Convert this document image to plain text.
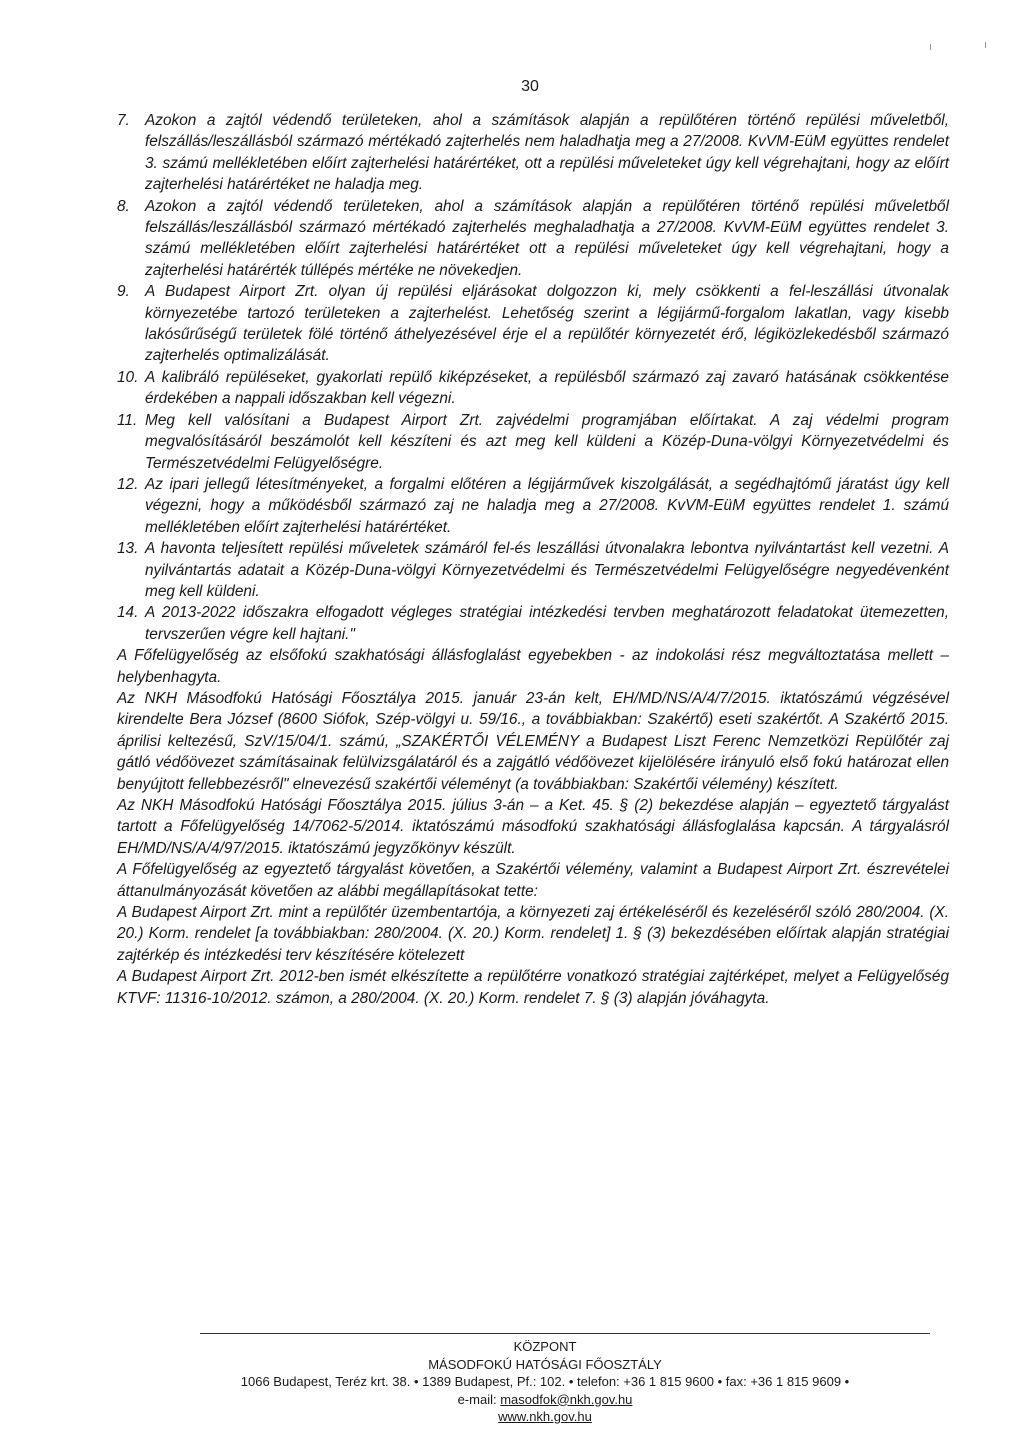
30
7. Azokon a zajtól védendő területeken, ahol a számítások alapján a repülőtéren történő repülési műveletből, felszállás/leszállásból származó mértékadó zajterhelés nem haladhatja meg a 27/2008. KvVM-EüM együttes rendelet 3. számú mellékletében előírt zajterhelési határértéket, ott a repülési műveleteket úgy kell végrehajtani, hogy az előírt zajterhelési határértéket ne haladja meg.
8. Azokon a zajtól védendő területeken, ahol a számítások alapján a repülőtéren történő repülési műveletből felszállás/leszállásból származó mértékadó zajterhelés meghaladhatja a 27/2008. KvVM-EüM együttes rendelet 3. számú mellékletében előírt zajterhelési határértéket ott a repülési műveleteket úgy kell végrehajtani, hogy a zajterhelési határérték túllépés mértéke ne növekedjen.
9. A Budapest Airport Zrt. olyan új repülési eljárásokat dolgozzon ki, mely csökkenti a fel-leszállási útvonalak környezetébe tartozó területeken a zajterhelést. Lehetőség szerint a légijármű-forgalom lakatlan, vagy kisebb lakósűrűségű területek fölé történő áthelyezésével érje el a repülőtér környezetét érő, légiközlekedésből származó zajterhelés optimalizálását.
10. A kalibráló repüléseket, gyakorlati repülő kiképzéseket, a repülésből származó zaj zavaró hatásának csökkentése érdekében a nappali időszakban kell végezni.
11. Meg kell valósítani a Budapest Airport Zrt. zajvédelmi programjában előírtakat. A zaj védelmi program megvalósításáról beszámolót kell készíteni és azt meg kell küldeni a Közép-Duna-völgyi Környezetvédelmi és Természetvédelmi Felügyelőségre.
12. Az ipari jellegű létesítményeket, a forgalmi előtéren a légijárművek kiszolgálását, a segédhajtómű járatást úgy kell végezni, hogy a működésből származó zaj ne haladja meg a 27/2008. KvVM-EüM együttes rendelet 1. számú mellékletében előírt zajterhelési határértéket.
13. A havonta teljesített repülési műveletek számáról fel-és leszállási útvonalakra lebontva nyilvántartást kell vezetni. A nyilvántartás adatait a Közép-Duna-völgyi Környezetvédelmi és Természetvédelmi Felügyelőségre negyedévenként meg kell küldeni.
14. A 2013-2022 időszakra elfogadott végleges stratégiai intézkedési tervben meghatározott feladatokat ütemezetten, tervszerűen végre kell hajtani."

A Főfelügyelőség az elsőfokú szakhatósági állásfoglalást egyebekben - az indokolási rész megváltoztatása mellett – helybenhagyta.

Az NKH Másodfokú Hatósági Főosztálya 2015. január 23-án kelt, EH/MD/NS/A/4/7/2015. iktatószámú végzésével kirendelte Bera József (8600 Siófok, Szép-völgyi u. 59/16., a továbbiakban: Szakértő) eseti szakértőt. A Szakértő 2015. áprilisi keltezésű, SzV/15/04/1. számú, „SZAKÉRTŐI VÉLEMÉNY a Budapest Liszt Ferenc Nemzetközi Repülőtér zaj gátló védőövezet számításainak felülvizsgálatáról és a zajgátló védőövezet kijelölésére irányuló első fokú határozat ellen benyújtott fellebbezésről" elnevezésű szakértői véleményt (a továbbiakban: Szakértői vélemény) készített.

Az NKH Másodfokú Hatósági Főosztálya 2015. július 3-án – a Ket. 45. § (2) bekezdése alapján – egyeztető tárgyalást tartott a Főfelügyelőség 14/7062-5/2014. iktatószámú másodfokú szakhatósági állásfoglalása kapcsán. A tárgyalásról EH/MD/NS/A/4/97/2015. iktatószámú jegyzőkönyv készült.

A Főfelügyelőség az egyeztető tárgyalást követően, a Szakértői vélemény, valamint a Budapest Airport Zrt. észrevételei áttanulmányozását követően az alábbi megállapításokat tette:

A Budapest Airport Zrt. mint a repülőtér üzembentartója, a környezeti zaj értékeléséről és kezeléséről szóló 280/2004. (X. 20.) Korm. rendelet [a továbbiakban: 280/2004. (X. 20.) Korm. rendelet] 1. § (3) bekezdésében előírtak alapján stratégiai zajtérkép és intézkedési terv készítésére kötelezett

A Budapest Airport Zrt. 2012-ben ismét elkészítette a repülőtérre vonatkozó stratégiai zajtérképet, melyet a Felügyelőség KTVF: 11316-10/2012. számon, a 280/2004. (X. 20.) Korm. rendelet 7. § (3) alapján jóváhagyta.

KÖZPONT
MÁSODFOKÚ HATÓSÁGI FŐOSZTÁLY
1066 Budapest, Teréz krt. 38. • 1389 Budapest, Pf.: 102. • telefon: +36 1 815 9600 • fax: +36 1 815 9609 •
e-mail: masodfok@nkh.gov.hu
www.nkh.gov.hu
